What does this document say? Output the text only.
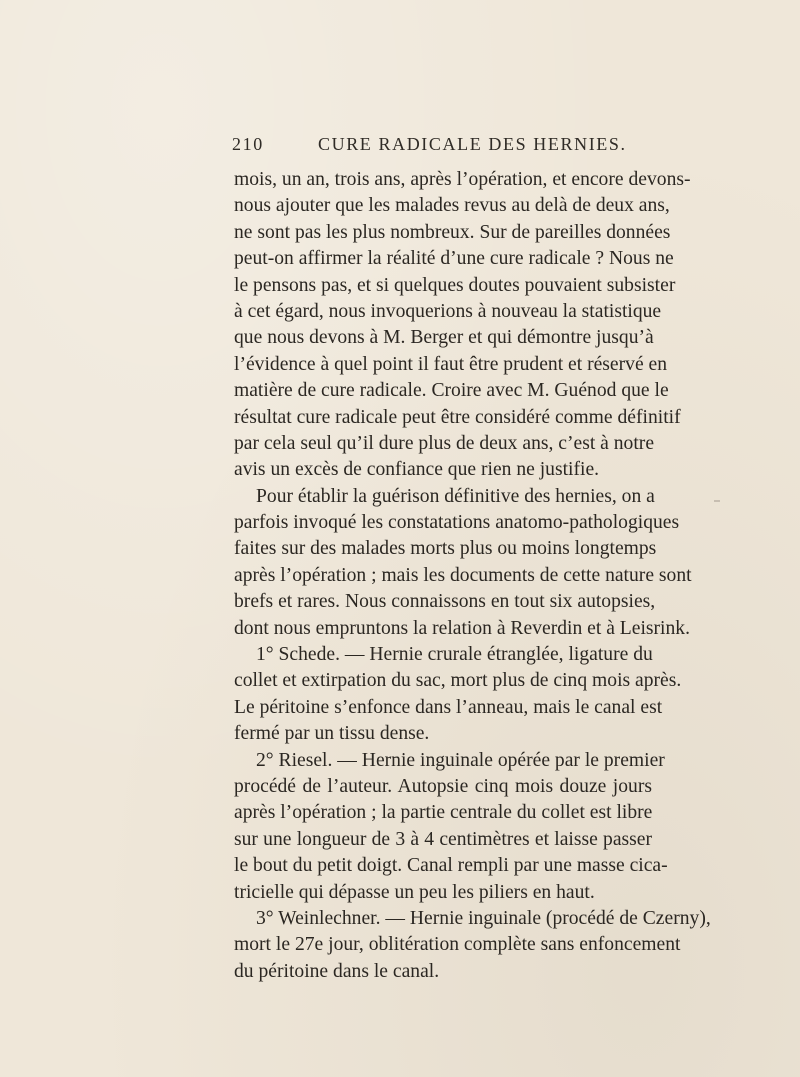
210	CURE RADICALE DES HERNIES.
mois, un an, trois ans, après l’opération, et encore devons-
nous ajouter que les malades revus au delà de deux ans,
ne sont pas les plus nombreux. Sur de pareilles données
peut-on affirmer la réalité d’une cure radicale ? Nous ne
le pensons pas, et si quelques doutes pouvaient subsister
à cet égard, nous invoquerions à nouveau la statistique
que nous devons à M. Berger et qui démontre jusqu’à
l’évidence à quel point il faut être prudent et réservé en
matière de cure radicale. Croire avec M. Guénod que le
résultat cure radicale peut être considéré comme définitif
par cela seul qu’il dure plus de deux ans, c’est à notre
avis un excès de confiance que rien ne justifie.
Pour établir la guérison définitive des hernies, on a
parfois invoqué les constatations anatomo-pathologiques
faites sur des malades morts plus ou moins longtemps
après l’opération ; mais les documents de cette nature sont
brefs et rares. Nous connaissons en tout six autopsies,
dont nous empruntons la relation à Reverdin et à Leisrink.
1° Schede. — Hernie crurale étranglée, ligature du
collet et extirpation du sac, mort plus de cinq mois après.
Le péritoine s’enfonce dans l’anneau, mais le canal est
fermé par un tissu dense.
2° Riesel. — Hernie inguinale opérée par le premier
procédé de l’auteur. Autopsie cinq mois douze jours
après l’opération ; la partie centrale du collet est libre
sur une longueur de 3 à 4 centimètres et laisse passer
le bout du petit doigt. Canal rempli par une masse cica-
tricielle qui dépasse un peu les piliers en haut.
3° Weinlechner. — Hernie inguinale (procédé de Czerny),
mort le 27e jour, oblitération complète sans enfoncement
du péritoine dans le canal.
